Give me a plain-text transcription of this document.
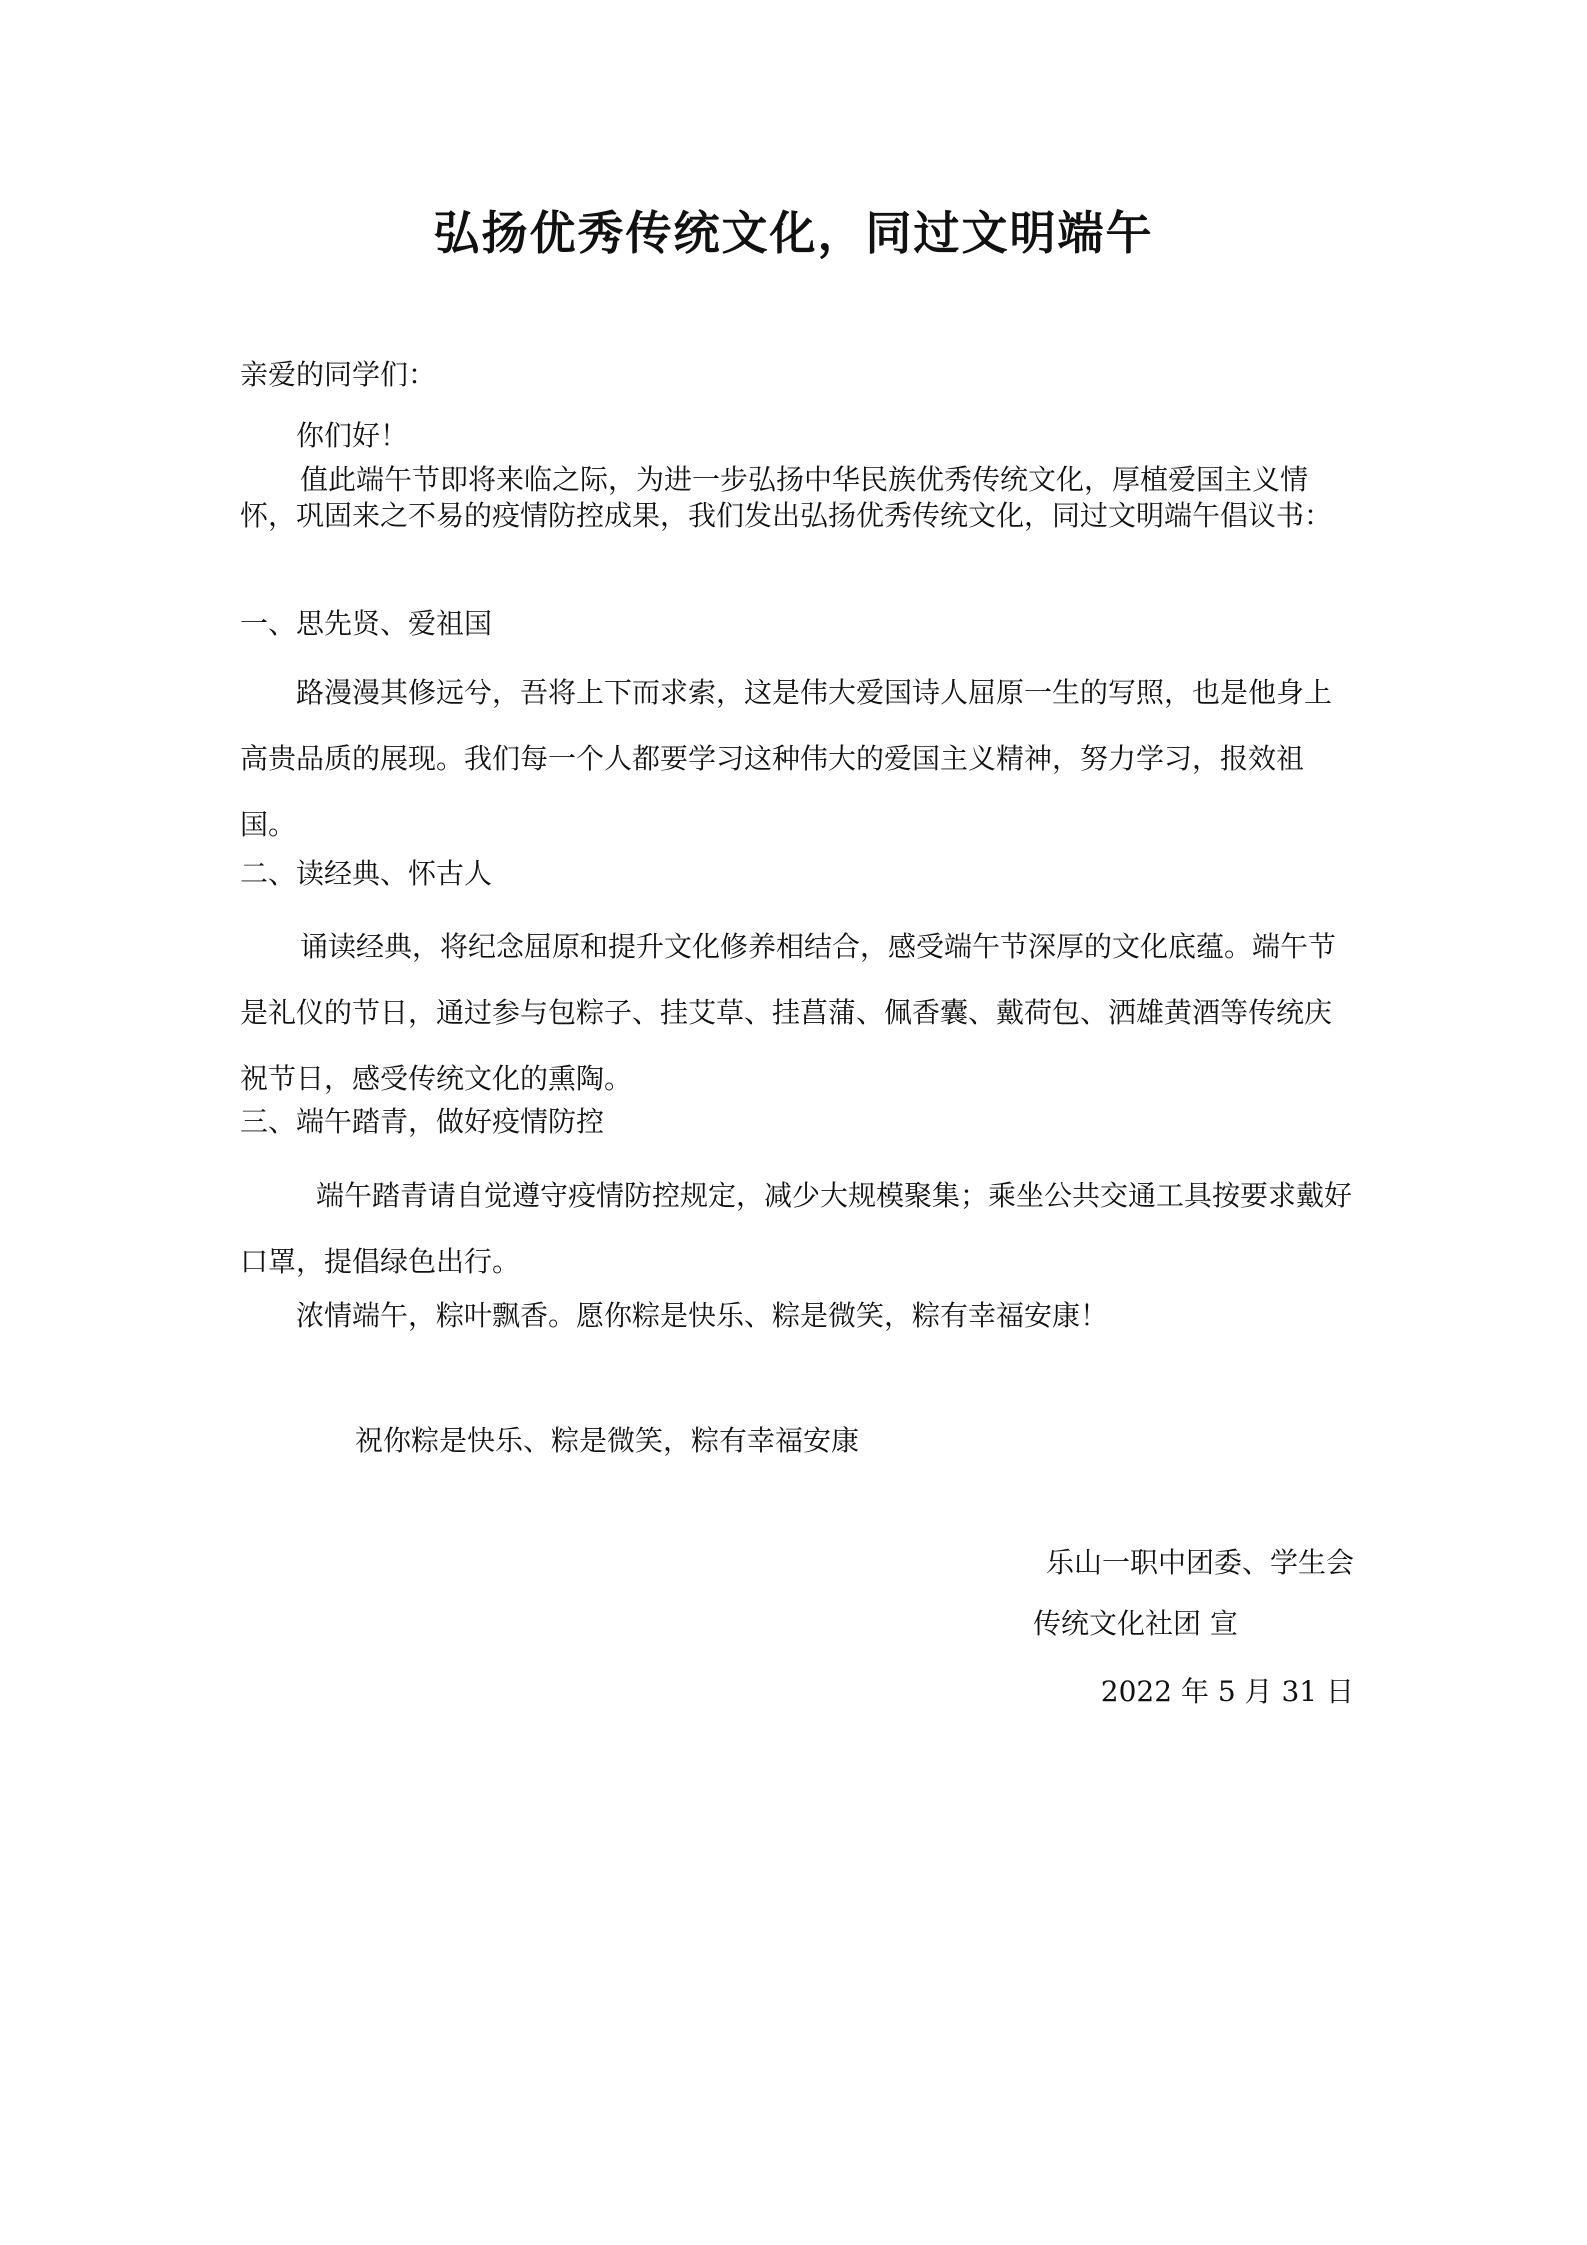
弘扬优秀传统文化，同过文明端午

亲爱的同学们：

你们好！

值此端午节即将来临之际，为进一步弘扬中华民族优秀传统文化，厚植爱国主义情怀，巩固来之不易的疫情防控成果，我们发出弘扬优秀传统文化，同过文明端午倡议书：

一、思先贤、爱祖国

路漫漫其修远兮，吾将上下而求索，这是伟大爱国诗人屈原一生的写照，也是他身上高贵品质的展现。我们每一个人都要学习这种伟大的爱国主义精神，努力学习，报效祖国。

二、读经典、怀古人

诵读经典，将纪念屈原和提升文化修养相结合，感受端午节深厚的文化底蕴。端午节是礼仪的节日，通过参与包粽子、挂艾草、挂菖蒲、佩香囊、戴荷包、洒雄黄酒等传统庆祝节日，感受传统文化的熏陶。

三、端午踏青，做好疫情防控

端午踏青请自觉遵守疫情防控规定，减少大规模聚集；乘坐公共交通工具按要求戴好口罩，提倡绿色出行。

浓情端午，粽叶飘香。愿你粽是快乐、粽是微笑，粽有幸福安康！

祝你粽是快乐、粽是微笑，粽有幸福安康

乐山一职中团委、学生会
传统文化社团 宣
2022 年 5 月 31 日
